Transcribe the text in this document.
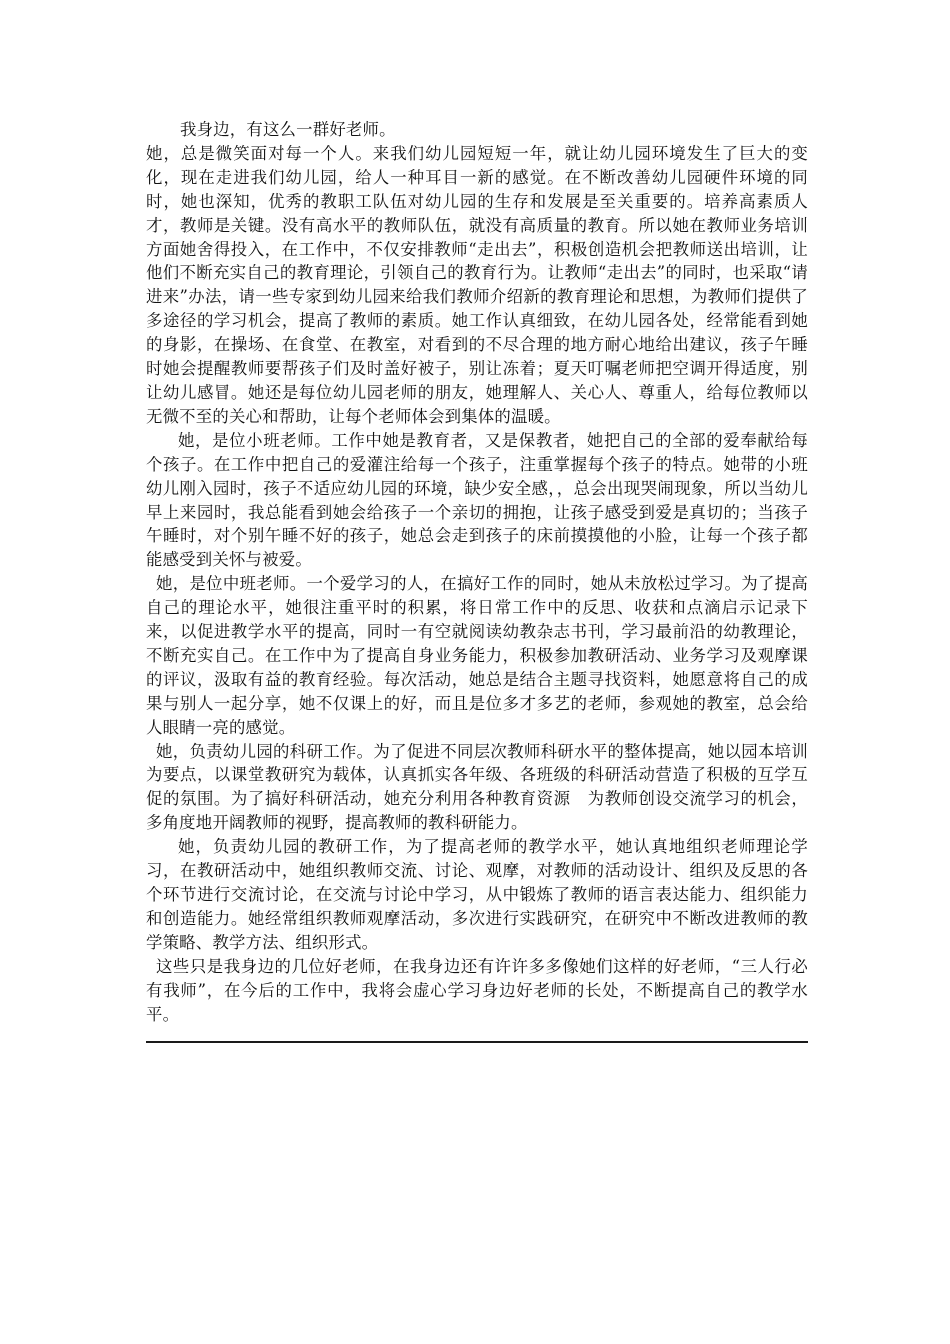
我身边，有这么一群好老师。

她，总是微笑面对每一个人。来我们幼儿园短短一年，就让幼儿园环境发生了巨大的变化，现在走进我们幼儿园，给人一种耳目一新的感觉。在不断改善幼儿园硬件环境的同时，她也深知，优秀的教职工队伍对幼儿园的生存和发展是至关重要的。培养高素质人才，教师是关键。没有高水平的教师队伍，就没有高质量的教育。所以她在教师业务培训方面她舍得投入，在工作中，不仅安排教师“走出去”，积极创造机会把教师送出培训，让他们不断充实自己的教育理论，引领自己的教育行为。让教师“走出去”的同时，也采取“请进来”办法，请一些专家到幼儿园来给我们教师介绍新的教育理论和思想，为教师们提供了多途径的学习机会，提高了教师的素质。她工作认真细致，在幼儿园各处，经常能看到她的身影，在操场、在食堂、在教室，对看到的不尽合理的地方耐心地给出建议，孩子午睡时她会提醒教师要帮孩子们及时盖好被子，别让冻着；夏天叮嘱老师把空调开得适度，别让幼儿感冒。她还是每位幼儿园老师的朋友，她理解人、关心人、尊重人，给每位教师以无微不至的关心和帮助，让每个老师体会到集体的温暖。

她，是位小班老师。工作中她是教育者，又是保教者，她把自己的全部的爱奉献给每个孩子。在工作中把自己的爱灌注给每一个孩子，注重掌握每个孩子的特点。她带的小班幼儿刚入园时，孩子不适应幼儿园的环境，缺少安全感，，总会出现哭闹现象，所以当幼儿早上来园时，我总能看到她会给孩子一个亲切的拥抱，让孩子感受到爱是真切的；当孩子午睡时，对个别午睡不好的孩子，她总会走到孩子的床前摸摸他的小脸，让每一个孩子都能感受到关怀与被爱。

她，是位中班老师。一个爱学习的人，在搞好工作的同时，她从未放松过学习。为了提高自己的理论水平，她很注重平时的积累，将日常工作中的反思、收获和点滴启示记录下来，以促进教学水平的提高，同时一有空就阅读幼教杂志书刊，学习最前沿的幼教理论，不断充实自己。在工作中为了提高自身业务能力，积极参加教研活动、业务学习及观摩课的评议，汲取有益的教育经验。每次活动，她总是结合主题寻找资料，她愿意将自己的成果与别人一起分享，她不仅课上的好，而且是位多才多艺的老师，参观她的教室，总会给人眼睛一亮的感觉。

她，负责幼儿园的科研工作。为了促进不同层次教师科研水平的整体提高，她以园本培训为要点，以课堂教研究为载体，认真抓实各年级、各班级的科研活动营造了积极的互学互促的氛围。为了搞好科研活动，她充分利用各种教育资源　为教师创设交流学习的机会，多角度地开阔教师的视野，提高教师的教科研能力。

她，负责幼儿园的教研工作，为了提高老师的教学水平，她认真地组织老师理论学习，在教研活动中，她组织教师交流、讨论、观摩，对教师的活动设计、组织及反思的各个环节进行交流讨论，在交流与讨论中学习，从中锻炼了教师的语言表达能力、组织能力和创造能力。她经常组织教师观摩活动，多次进行实践研究，在研究中不断改进教师的教学策略、教学方法、组织形式。

这些只是我身边的几位好老师，在我身边还有许许多多像她们这样的好老师，“三人行必有我师”，在今后的工作中，我将会虚心学习身边好老师的长处，不断提高自己的教学水平。
